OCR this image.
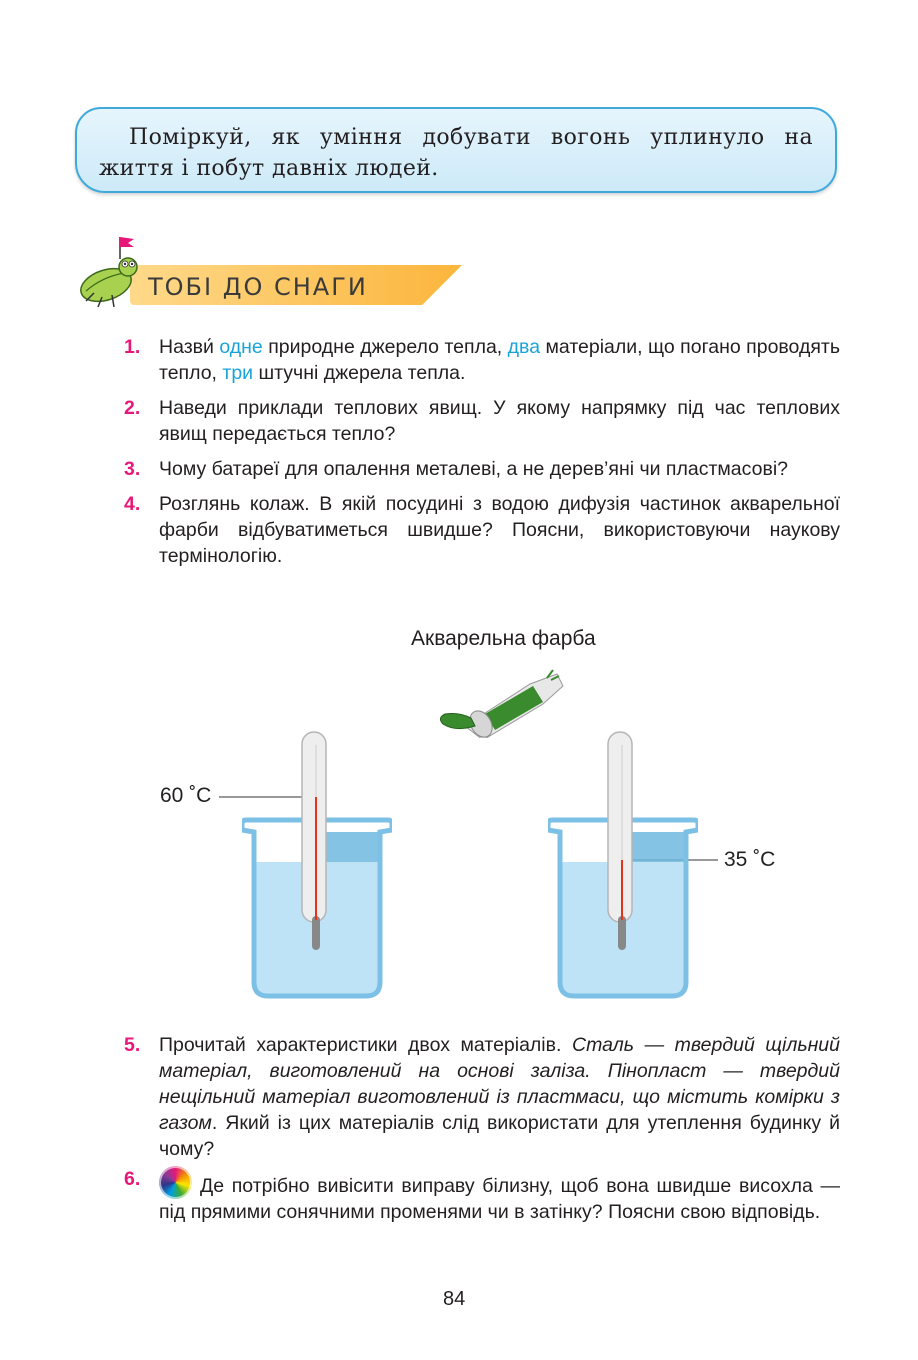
Поміркуй, як уміння добувати вогонь уплинуло на життя і побут давніх людей.

ТОБІ ДО СНАГИ
1. Назви́ одне природне джерело тепла, два матеріали, що погано проводять тепло, три штучні джерела тепла.
2. Наведи приклади теплових явищ. У якому напрямку під час теплових явищ передається тепло?
3. Чому батареї для опалення металеві, а не дерев’яні чи пластмасові?
4. Розглянь колаж. В якій посудині з водою дифузія частинок акварельної фарби відбуватиметься швидше? Поясни, використовуючи наукову термінологію.
Акварельна фарба
60 ˚C
35 ˚C
5. Прочитай характеристики двох матеріалів. Сталь — твердий щільний матеріал, виготовлений на основі заліза. Пінопласт — твердий нещільний матеріал виготовлений із пластмаси, що містить комірки з газом. Який із цих матеріалів слід використати для утеплення будинку й чому?
6.	Де потрібно вивісити виправу білизну, щоб вона швидше висохла — під прямими сонячними променями чи в затінку? Поясни свою відповідь.
84
